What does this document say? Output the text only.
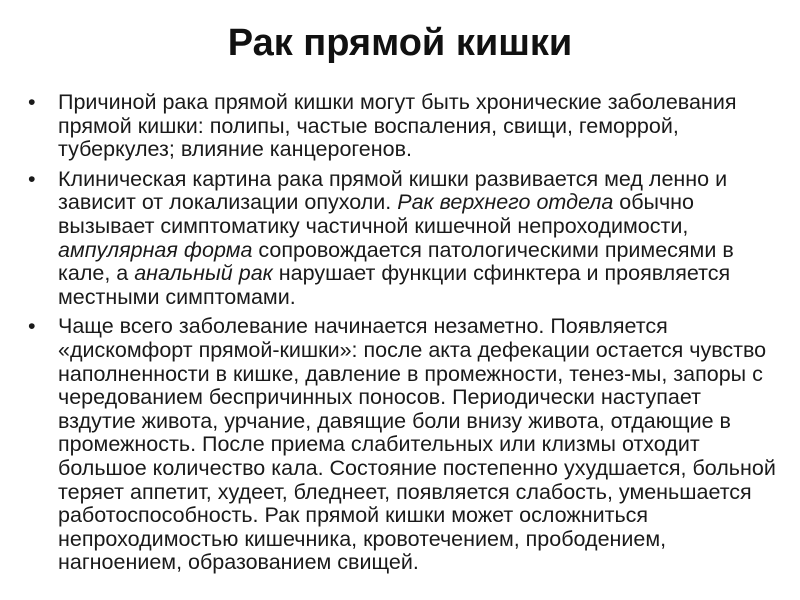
Рак прямой кишки
•	Причиной рака прямой кишки могут быть хронические заболевания прямой кишки: полипы, частые воспаления, свищи, геморрой, туберкулез; влияние канцерогенов.
•	Клиническая картина рака прямой кишки развивается мед ленно и зависит от локализации опухоли. Рак верхнего отдела обычно вызывает симптоматику частичной кишечной непроходимости, ампулярная форма сопровождается патологическими примесями в кале, а анальный рак нарушает функции сфинктера и проявляется местными симптомами.
•	Чаще всего заболевание начинается незаметно. Появляется «дискомфорт прямой-кишки»: после акта дефекации остается чувство наполненности в кишке, давление в промежности, тенез-мы, запоры с чередованием беспричинных поносов. Периодически наступает вздутие живота, урчание, давящие боли внизу живота, отдающие в промежность. После приема слабительных или клизмы отходит большое количество кала. Состояние постепенно ухудшается, больной теряет аппетит, худеет, бледнеет, появляется слабость, уменьшается работоспособность. Рак прямой кишки может осложниться непроходимостью кишечника, кровотечением, прободением, нагноением, образованием свищей.
